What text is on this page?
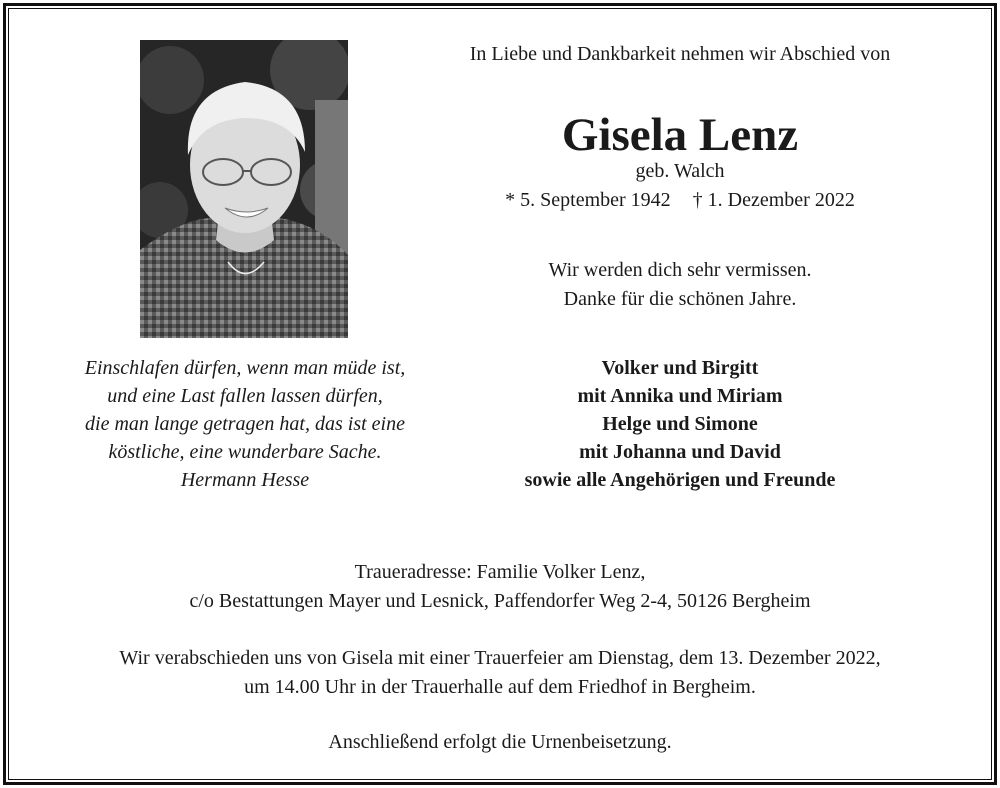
In Liebe und Dankbarkeit nehmen wir Abschied von
Gisela Lenz
geb. Walch
* 5. September 1942 † 1. Dezember 2022
Wir werden dich sehr vermissen.
Danke für die schönen Jahre.
Einschlafen dürfen, wenn man müde ist,
und eine Last fallen lassen dürfen,
die man lange getragen hat, das ist eine
köstliche, eine wunderbare Sache.
Hermann Hesse
Volker und Birgitt
mit Annika und Miriam
Helge und Simone
mit Johanna und David
sowie alle Angehörigen und Freunde
Traueradresse: Familie Volker Lenz,
c/o Bestattungen Mayer und Lesnick, Paffendorfer Weg 2-4, 50126 Bergheim
Wir verabschieden uns von Gisela mit einer Trauerfeier am Dienstag, dem 13. Dezember 2022,
um 14.00 Uhr in der Trauerhalle auf dem Friedhof in Bergheim.
Anschließend erfolgt die Urnenbeisetzung.
